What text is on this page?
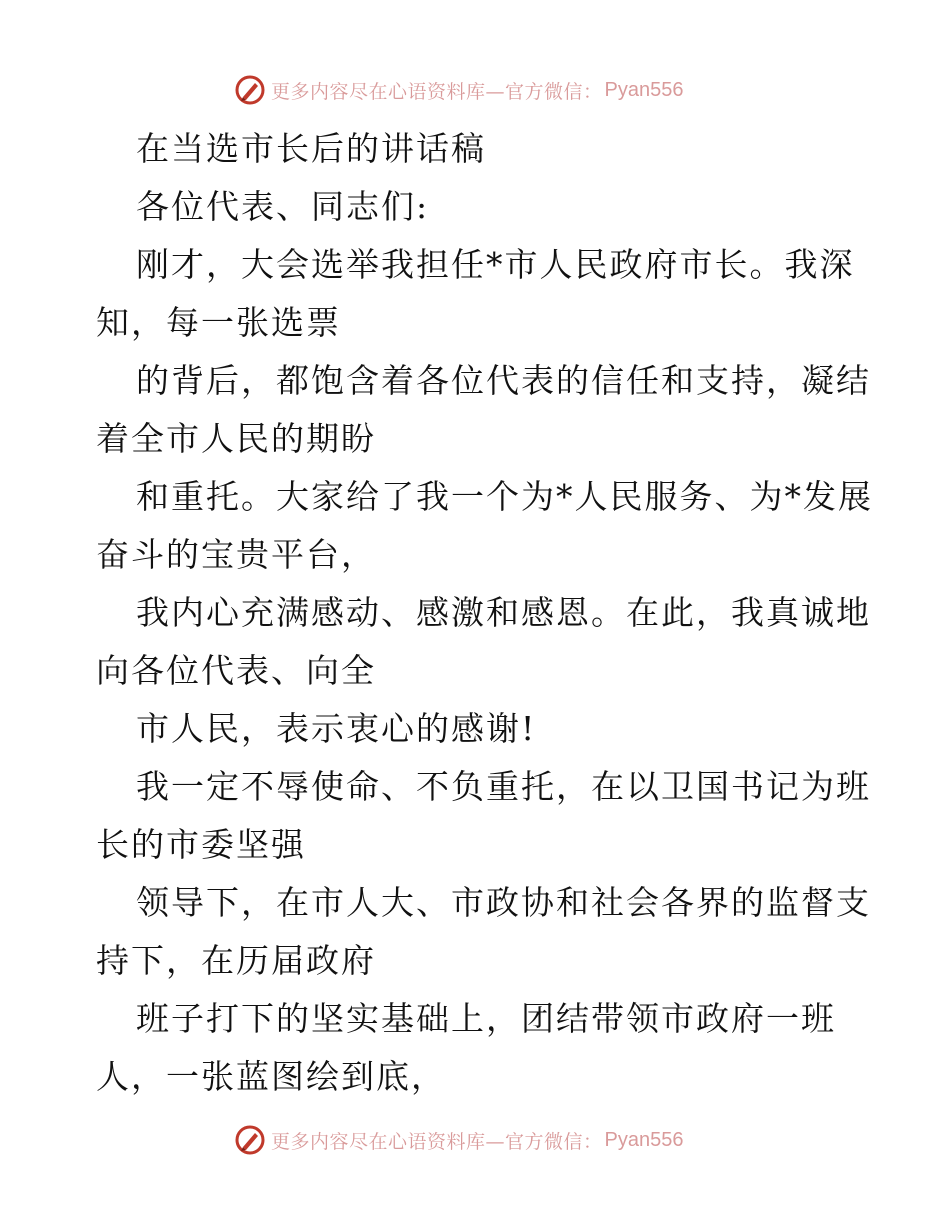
更多内容尽在心语资料库—官方微信： Pyan556
在当选市长后的讲话稿
各位代表、同志们:
刚才，大会选举我担任*市人民政府市长。我深
知，每一张选票
的背后，都饱含着各位代表的信任和支持，凝结
着全市人民的期盼
和重托。大家给了我一个为*人民服务、为*发展
奋斗的宝贵平台，
我内心充满感动、感激和感恩。在此，我真诚地
向各位代表、向全
市人民，表示衷心的感谢!
我一定不辱使命、不负重托，在以卫国书记为班
长的市委坚强
领导下，在市人大、市政协和社会各界的监督支
持下，在历届政府
班子打下的坚实基础上，团结带领市政府一班
人，一张蓝图绘到底，
更多内容尽在心语资料库—官方微信： Pyan556
